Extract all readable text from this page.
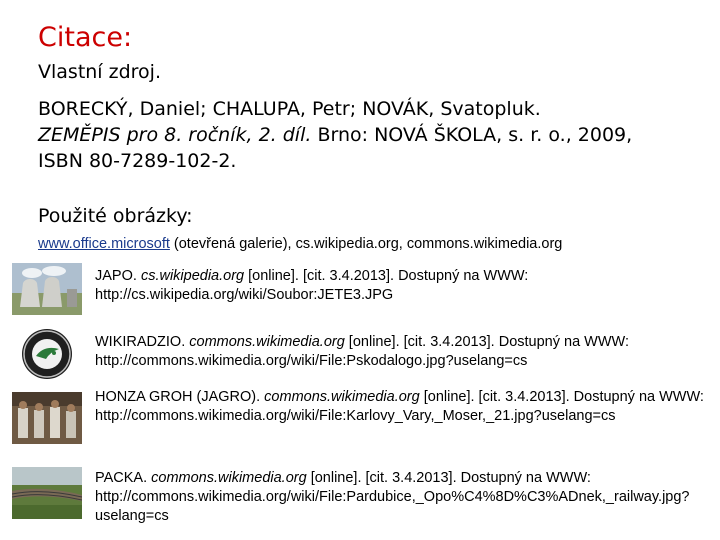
Citace:
Vlastní zdroj.
BORECKÝ, Daniel; CHALUPA, Petr; NOVÁK, Svatopluk.
ZEMĚPIS pro 8. ročník, 2. díl. Brno: NOVÁ ŠKOLA, s. r. o., 2009,
ISBN 80-7289-102-2.
Použité obrázky:
www.office.microsoft (otevřená galerie), cs.wikipedia.org, commons.wikimedia.org

JAPO. cs.wikipedia.org [online]. [cit. 3.4.2013]. Dostupný na WWW: http://cs.wikipedia.org/wiki/Soubor:JETE3.JPG

WIKIRADZIO. commons.wikimedia.org [online]. [cit. 3.4.2013]. Dostupný na WWW: http://commons.wikimedia.org/wiki/File:Pskodalogo.jpg?uselang=cs

HONZA GROH (JAGRO). commons.wikimedia.org [online]. [cit. 3.4.2013]. Dostupný na WWW: http://commons.wikimedia.org/wiki/File:Karlovy_Vary,_Moser,_21.jpg?uselang=cs

PACKA. commons.wikimedia.org [online]. [cit. 3.4.2013]. Dostupný na WWW: http://commons.wikimedia.org/wiki/File:Pardubice,_Opo%C4%8D%C3%ADnek,_railway.jpg?uselang=cs
